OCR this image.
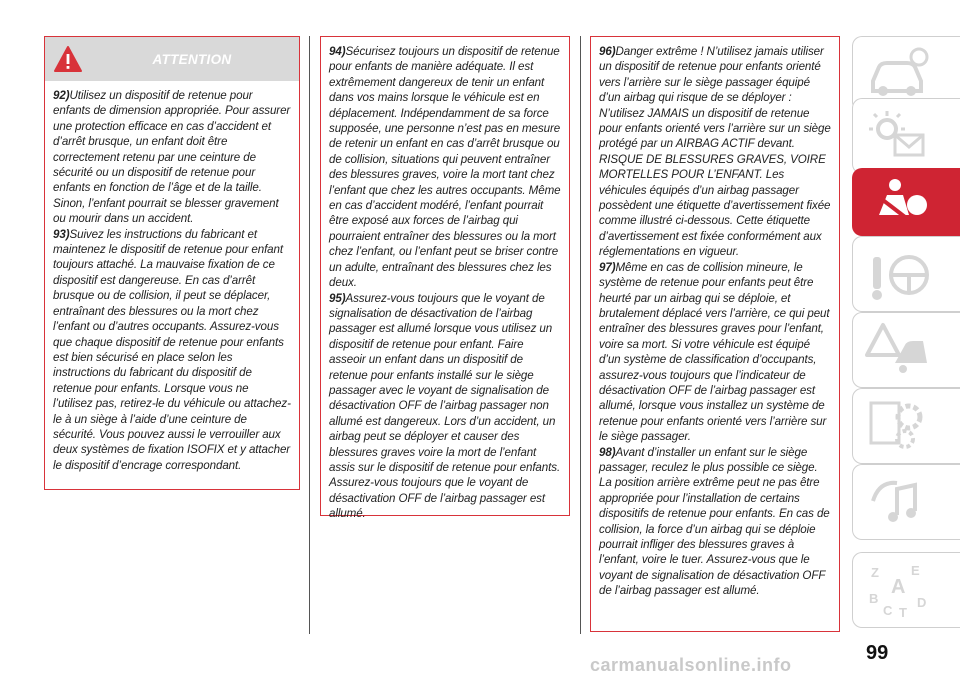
ATTENTION

92)Utilisez un dispositif de retenue pour enfants de dimension appropriée. Pour assurer une protection efficace en cas d’accident et d’arrêt brusque, un enfant doit être correctement retenu par une ceinture de sécurité ou un dispositif de retenue pour enfants en fonction de l’âge et de la taille. Sinon, l’enfant pourrait se blesser gravement ou mourir dans un accident.

93)Suivez les instructions du fabricant et maintenez le dispositif de retenue pour enfant toujours attaché. La mauvaise fixation de ce dispositif est dangereuse. En cas d’arrêt brusque ou de collision, il peut se déplacer, entraînant des blessures ou la mort chez l’enfant ou d’autres occupants. Assurez-vous que chaque dispositif de retenue pour enfants est bien sécurisé en place selon les instructions du fabricant du dispositif de retenue pour enfants. Lorsque vous ne l’utilisez pas, retirez-le du véhicule ou attachez-le à un siège à l’aide d’une ceinture de sécurité. Vous pouvez aussi le verrouiller aux deux systèmes de fixation ISOFIX et y attacher le dispositif d’encrage correspondant.

94)Sécurisez toujours un dispositif de retenue pour enfants de manière adéquate. Il est extrêmement dangereux de tenir un enfant dans vos mains lorsque le véhicule est en déplacement. Indépendamment de sa force supposée, une personne n’est pas en mesure de retenir un enfant en cas d’arrêt brusque ou de collision, situations qui peuvent entraîner des blessures graves, voire la mort tant chez l’enfant que chez les autres occupants. Même en cas d’accident modéré, l’enfant pourrait être exposé aux forces de l’airbag qui pourraient entraîner des blessures ou la mort chez l’enfant, ou l’enfant peut se briser contre un adulte, entraînant des blessures chez les deux.

95)Assurez-vous toujours que le voyant de signalisation de désactivation de l’airbag passager est allumé lorsque vous utilisez un dispositif de retenue pour enfant. Faire asseoir un enfant dans un dispositif de retenue pour enfants installé sur le siège passager avec le voyant de signalisation de désactivation OFF de l’airbag passager non allumé est dangereux. Lors d’un accident, un airbag peut se déployer et causer des blessures graves voire la mort de l’enfant assis sur le dispositif de retenue pour enfants. Assurez-vous toujours que le voyant de désactivation OFF de l’airbag passager est allumé.

96)Danger extrême ! N’utilisez jamais utiliser un dispositif de retenue pour enfants orienté vers l’arrière sur le siège passager équipé d’un airbag qui risque de se déployer : N’utilisez JAMAIS un dispositif de retenue pour enfants orienté vers l’arrière sur un siège protégé par un AIRBAG ACTIF devant. RISQUE DE BLESSURES GRAVES, VOIRE MORTELLES POUR L’ENFANT. Les véhicules équipés d’un airbag passager possèdent une étiquette d’avertissement fixée comme illustré ci-dessous. Cette étiquette d’avertissement est fixée conformément aux réglementations en vigueur.

97)Même en cas de collision mineure, le système de retenue pour enfants peut être heurté par un airbag qui se déploie, et brutalement déplacé vers l’arrière, ce qui peut entraîner des blessures graves pour l’enfant, voire sa mort. Si votre véhicule est équipé d’un système de classification d’occupants, assurez-vous toujours que l’indicateur de désactivation OFF de l’airbag passager est allumé, lorsque vous installez un système de retenue pour enfants orienté vers l’arrière sur le siège passager.

98)Avant d’installer un enfant sur le siège passager, reculez le plus possible ce siège. La position arrière extrême peut ne pas être appropriée pour l’installation de certains dispositifs de retenue pour enfants. En cas de collision, la force d’un airbag qui se déploie pourrait infliger des blessures graves à l’enfant, voire le tuer. Assurez-vous que le voyant de signalisation de désactivation OFF de l’airbag passager est allumé.

Z E
A
B	D
C T
99
carmanualsonline.info
